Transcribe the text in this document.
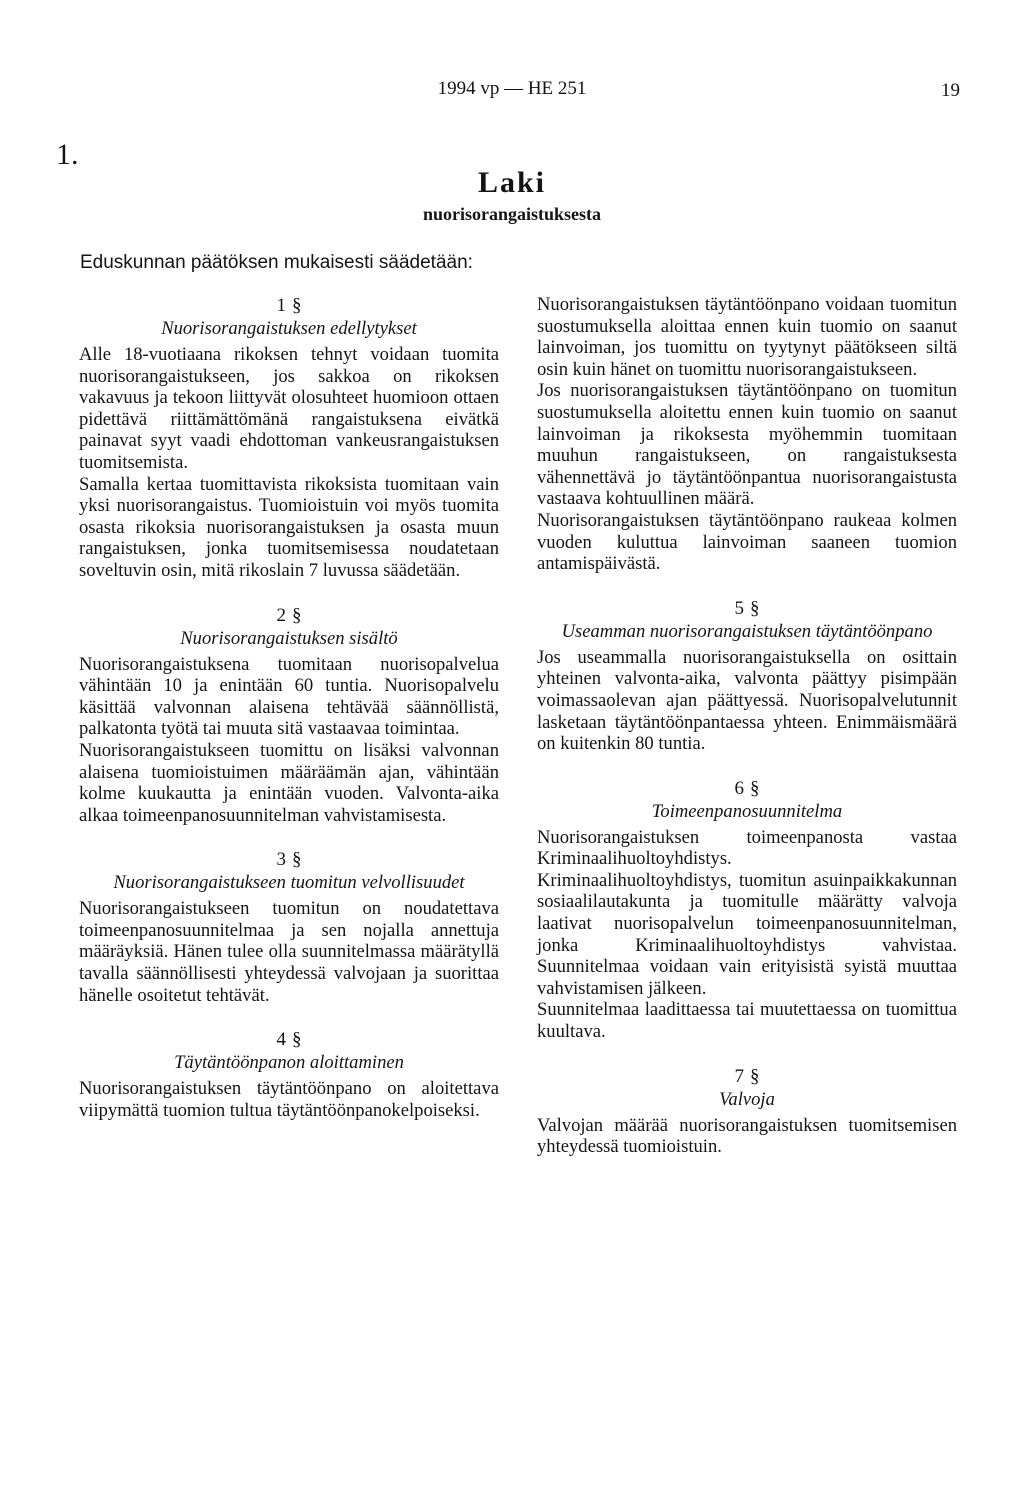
1994 vp — HE 251	19
1.
Laki
nuorisorangaistuksesta
Eduskunnan päätöksen mukaisesti säädetään:

1 §

Nuorisorangaistuksen edellytykset

Alle 18-vuotiaana rikoksen tehnyt voidaan tuomita nuorisorangaistukseen, jos sakkoa on rikoksen vakavuus ja tekoon liittyvät olosuhteet huomioon ottaen pidettävä riittämättömänä rangaistuksena eivätkä painavat syyt vaadi ehdottoman vankeusrangaistuksen tuomitsemista.

Samalla kertaa tuomittavista rikoksista tuomitaan vain yksi nuorisorangaistus. Tuomioistuin voi myös tuomita osasta rikoksia nuorisorangaistuksen ja osasta muun rangaistuksen, jonka tuomitsemisessa noudatetaan soveltuvin osin, mitä rikoslain 7 luvussa säädetään.

2 §

Nuorisorangaistuksen sisältö

Nuorisorangaistuksena tuomitaan nuorisopalvelua vähintään 10 ja enintään 60 tuntia. Nuorisopalvelu käsittää valvonnan alaisena tehtävää säännöllistä, palkatonta työtä tai muuta sitä vastaavaa toimintaa.

Nuorisorangaistukseen tuomittu on lisäksi valvonnan alaisena tuomioistuimen määräämän ajan, vähintään kolme kuukautta ja enintään vuoden. Valvonta-aika alkaa toimeenpanosuunnitelman vahvistamisesta.

3 §

Nuorisorangaistukseen tuomitun velvollisuudet

Nuorisorangaistukseen tuomitun on noudatettava toimeenpanosuunnitelmaa ja sen nojalla annettuja määräyksiä. Hänen tulee olla suunnitelmassa määrätyllä tavalla säännöllisesti yhteydessä valvojaan ja suorittaa hänelle osoitetut tehtävät.

4 §

Täytäntöönpanon aloittaminen

Nuorisorangaistuksen täytäntöönpano on aloitettava viipymättä tuomion tultua täytäntöönpanokelpoiseksi.

Nuorisorangaistuksen täytäntöönpano voidaan tuomitun suostumuksella aloittaa ennen kuin tuomio on saanut lainvoiman, jos tuomittu on tyytynyt päätökseen siltä osin kuin hänet on tuomittu nuorisorangaistukseen.

Jos nuorisorangaistuksen täytäntöönpano on tuomitun suostumuksella aloitettu ennen kuin tuomio on saanut lainvoiman ja rikoksesta myöhemmin tuomitaan muuhun rangaistukseen, on rangaistuksesta vähennettävä jo täytäntöönpantua nuorisorangaistusta vastaava kohtuullinen määrä.

Nuorisorangaistuksen täytäntöönpano raukeaa kolmen vuoden kuluttua lainvoiman saaneen tuomion antamispäivästä.

5 §

Useamman nuorisorangaistuksen täytäntöönpano

Jos useammalla nuorisorangaistuksella on osittain yhteinen valvonta-aika, valvonta päättyy pisimpään voimassaolevan ajan päättyessä. Nuorisopalvelutunnit lasketaan täytäntöönpantaessa yhteen. Enimmäismäärä on kuitenkin 80 tuntia.

6 §

Toimeenpanosuunnitelma

Nuorisorangaistuksen toimeenpanosta vastaa Kriminaalihuoltoyhdistys.

Kriminaalihuoltoyhdistys, tuomitun asuinpaikkakunnan sosiaalilautakunta ja tuomitulle määrätty valvoja laativat nuorisopalvelun toimeenpanosuunnitelman, jonka Kriminaalihuoltoyhdistys vahvistaa. Suunnitelmaa voidaan vain erityisistä syistä muuttaa vahvistamisen jälkeen.

Suunnitelmaa laadittaessa tai muutettaessa on tuomittua kuultava.

7 §

Valvoja

Valvojan määrää nuorisorangaistuksen tuomitsemisen yhteydessä tuomioistuin.
